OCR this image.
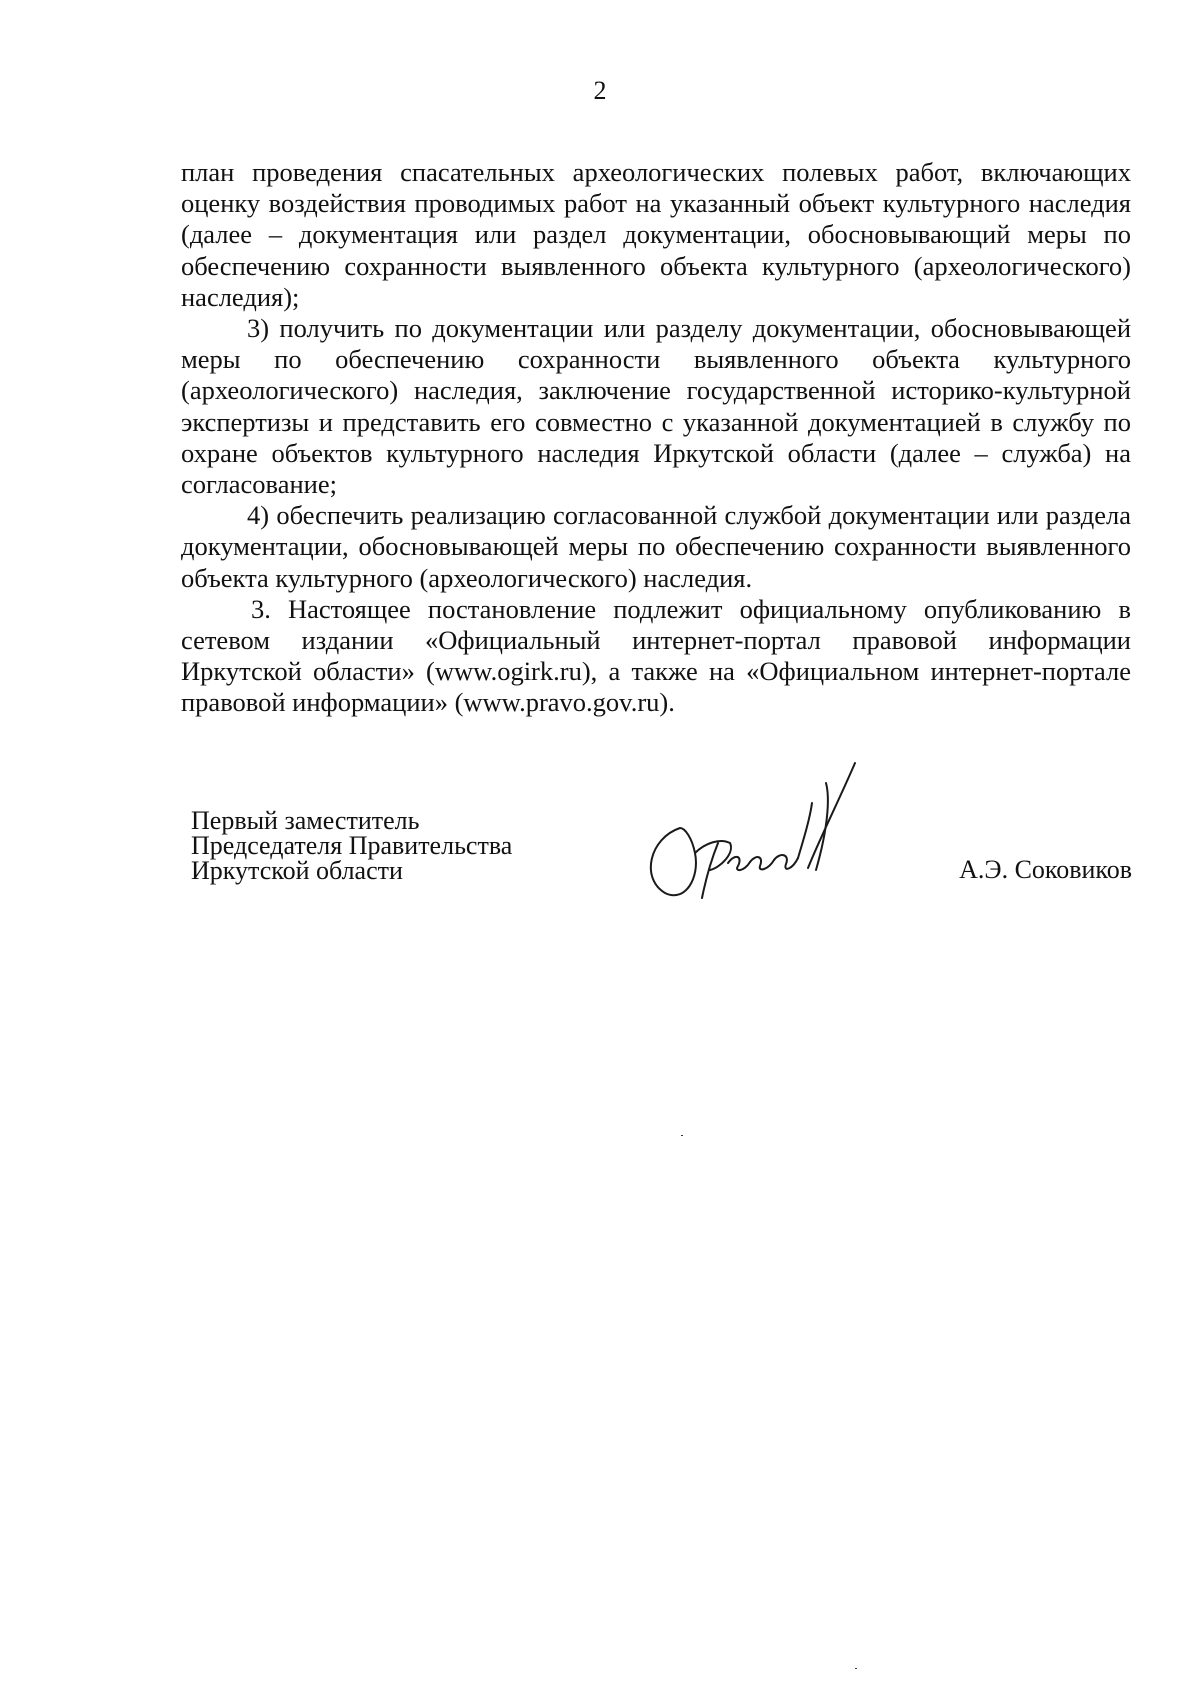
2

план проведения спасательных археологических полевых работ, включающих оценку воздействия проводимых работ на указанный объект культурного наследия (далее – документация или раздел документации, обосновывающий меры по обеспечению сохранности выявленного объекта культурного (археологического) наследия);

3) получить по документации или разделу документации, обосновывающей меры по обеспечению сохранности выявленного объекта культурного (археологического) наследия, заключение государственной историко-культурной экспертизы и представить его совместно с указанной документацией в службу по охране объектов культурного наследия Иркутской области (далее – служба) на согласование;

4) обеспечить реализацию согласованной службой документации или раздела документации, обосновывающей меры по обеспечению сохранности выявленного объекта культурного (археологического) наследия.

3. Настоящее постановление подлежит официальному опубликованию в сетевом издании «Официальный интернет-портал правовой информации Иркутской области» (www.ogirk.ru), а также на «Официальном интернет-портале правовой информации» (www.pravo.gov.ru).

Первый заместитель
Председателя Правительства
Иркутской области	А.Э. Соковиков
